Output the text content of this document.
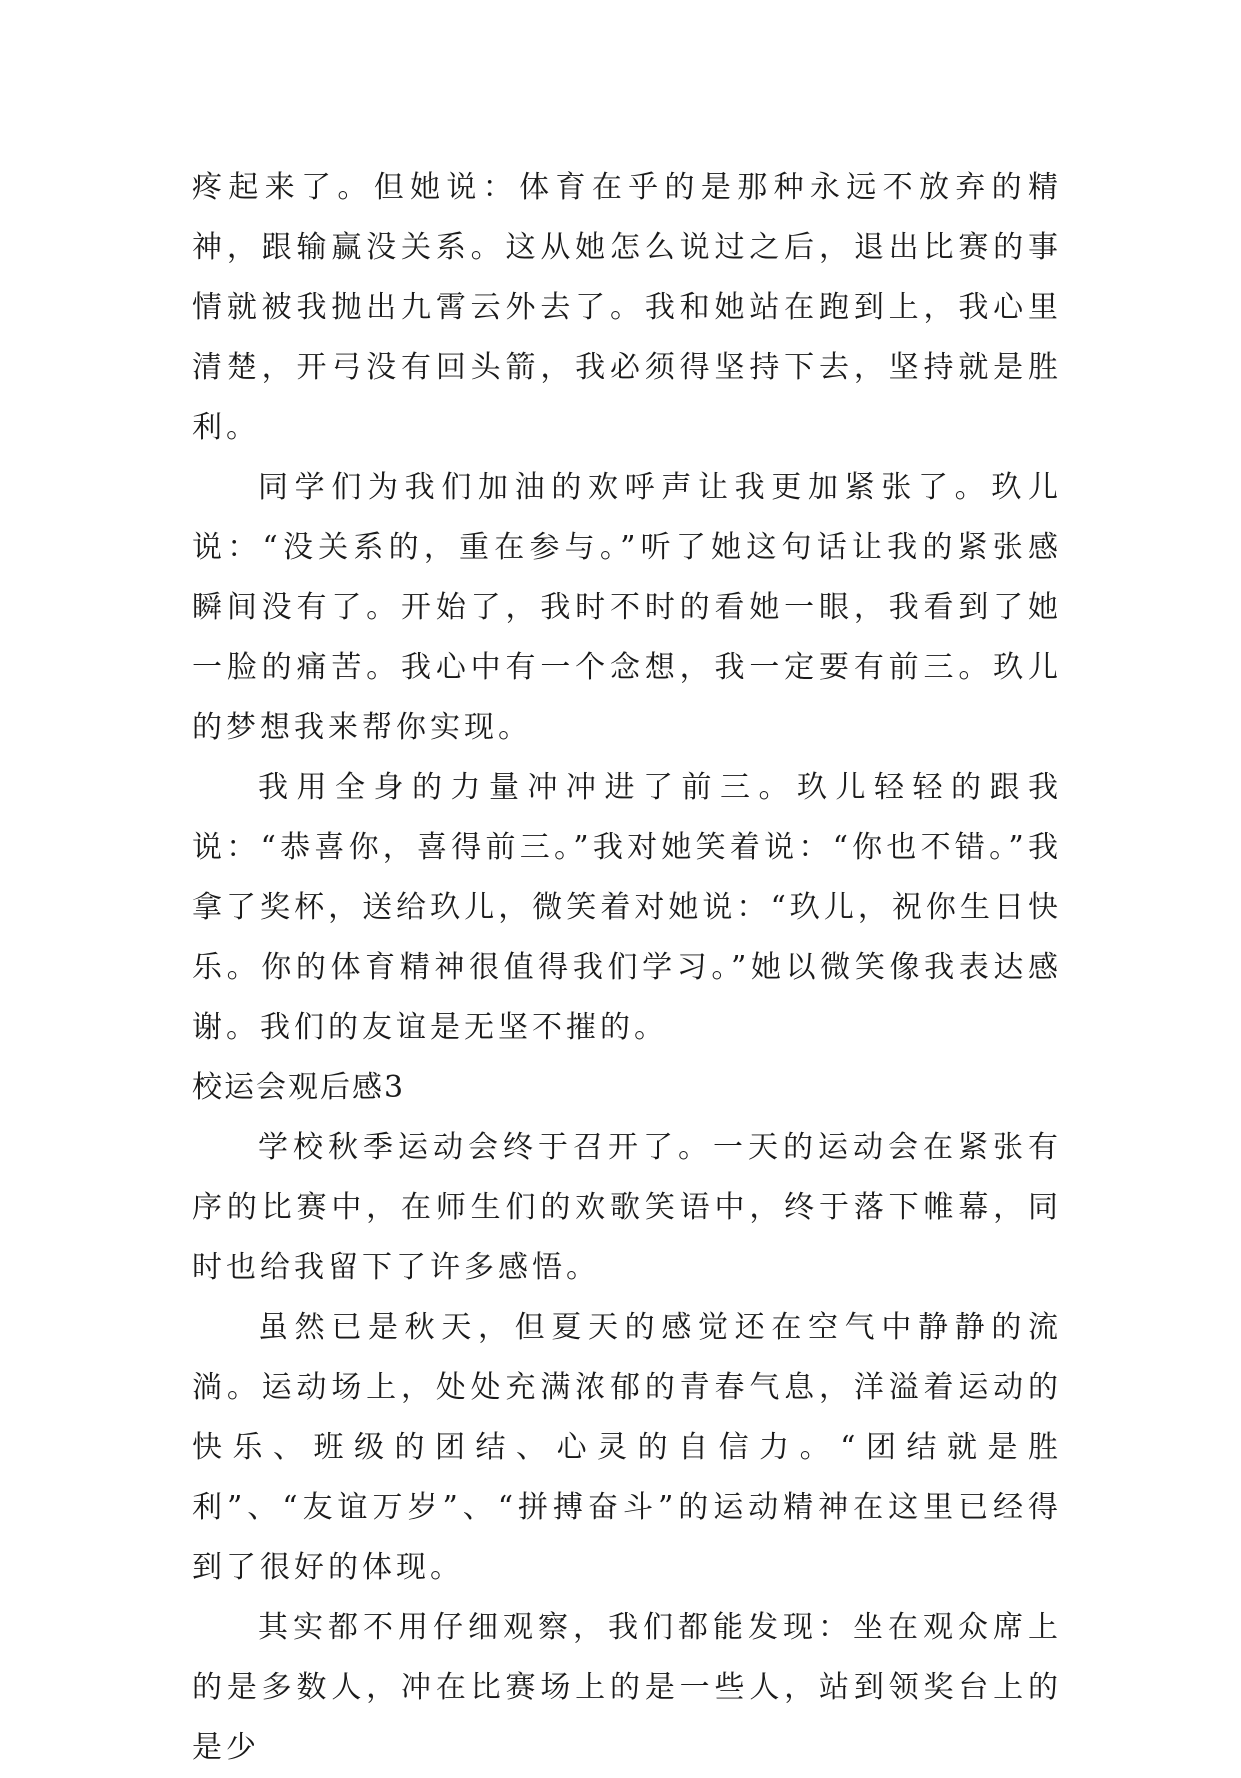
疼起来了。但她说：体育在乎的是那种永远不放弃的精神，跟输赢没关系。这从她怎么说过之后，退出比赛的事情就被我抛出九霄云外去了。我和她站在跑到上，我心里清楚，开弓没有回头箭，我必须得坚持下去，坚持就是胜利。

同学们为我们加油的欢呼声让我更加紧张了。玖儿说：“没关系的，重在参与。”听了她这句话让我的紧张感瞬间没有了。开始了，我时不时的看她一眼，我看到了她一脸的痛苦。我心中有一个念想，我一定要有前三。玖儿的梦想我来帮你实现。

我用全身的力量冲冲进了前三。玖儿轻轻的跟我说：“恭喜你，喜得前三。”我对她笑着说：“你也不错。”我拿了奖杯，送给玖儿，微笑着对她说：“玖儿，祝你生日快乐。你的体育精神很值得我们学习。”她以微笑像我表达感谢。我们的友谊是无坚不摧的。

校运会观后感3

学校秋季运动会终于召开了。一天的运动会在紧张有序的比赛中，在师生们的欢歌笑语中，终于落下帷幕，同时也给我留下了许多感悟。

虽然已是秋天，但夏天的感觉还在空气中静静的流淌。运动场上，处处充满浓郁的青春气息，洋溢着运动的快乐、班级的团结、心灵的自信力。“团结就是胜利”、“友谊万岁”、“拼搏奋斗”的运动精神在这里已经得到了很好的体现。

其实都不用仔细观察，我们都能发现：坐在观众席上的是多数人，冲在比赛场上的是一些人，站到领奖台上的是少
